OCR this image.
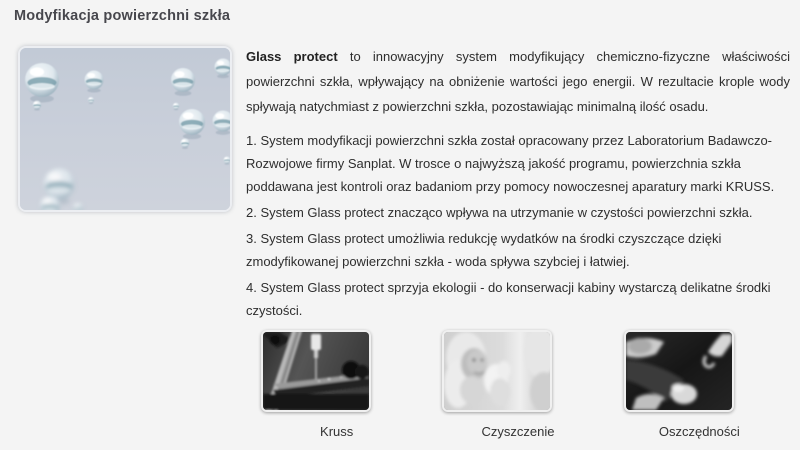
Modyfikacja powierzchni szkła

Glass protect to innowacyjny system modyfikujący chemiczno-fizyczne właściwości powierzchni szkła, wpływający na obniżenie wartości jego energii. W rezultacie krople wody spływają natychmiast z powierzchni szkła, pozostawiając minimalną ilość osadu.

1. System modyfikacji powierzchni szkła został opracowany przez Laboratorium Badawczo-Rozwojowe firmy Sanplat. W trosce o najwyższą jakość programu, powierzchnia szkła poddawana jest kontroli oraz badaniom przy pomocy nowoczesnej aparatury marki KRUSS.

2. System Glass protect znacząco wpływa na utrzymanie w czystości powierzchni szkła.

3. System Glass protect umożliwia redukcję wydatków na środki czyszczące dzięki zmodyfikowanej powierzchni szkła - woda spływa szybciej i łatwiej.

4. System Glass protect sprzyja ekologii - do konserwacji kabiny wystarczą delikatne środki czystości.

Kruss	Czyszczenie	Oszczędności
